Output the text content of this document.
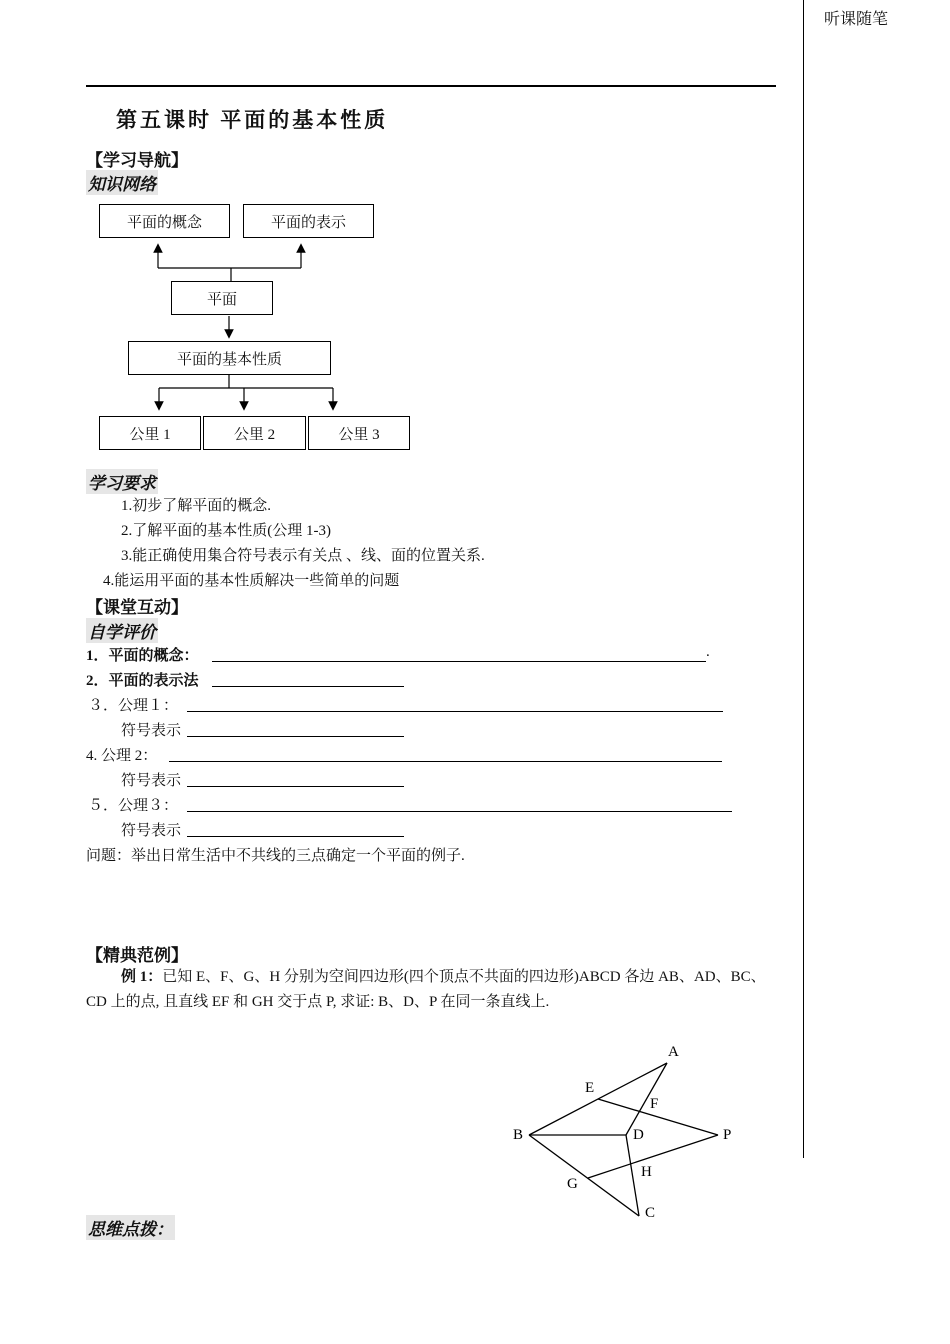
听课随笔
第五课时 平面的基本性质
【学习导航】
知识网络
平面的概念	平面的表示
平面
平面的基本性质
公里 1	公里 2	公里 3
学习要求
1.初步了解平面的概念.
2.了解平面的基本性质(公理 1-3)
3.能正确使用集合符号表示有关点 、线、面的位置关系.
4.能运用平面的基本性质解决一些简单的问题
【课堂互动】
自学评价
1．平面的概念：	.
2．平面的表示法
３．公理１：
符号表示
4. 公理 2：
符号表示
５．公理３：
符号表示
问题：举出日常生活中不共线的三点确定一个平面的例子.
【精典范例】
例 1：已知 E、F、G、H 分别为空间四边形(四个顶点不共面的四边形)ABCD 各边 AB、AD、BC、CD 上的点, 且直线 EF 和 GH 交于点 P, 求证: B、D、P 在同一条直线上.
A
E
F
B	D	P
H
G
C
思维点拨：
